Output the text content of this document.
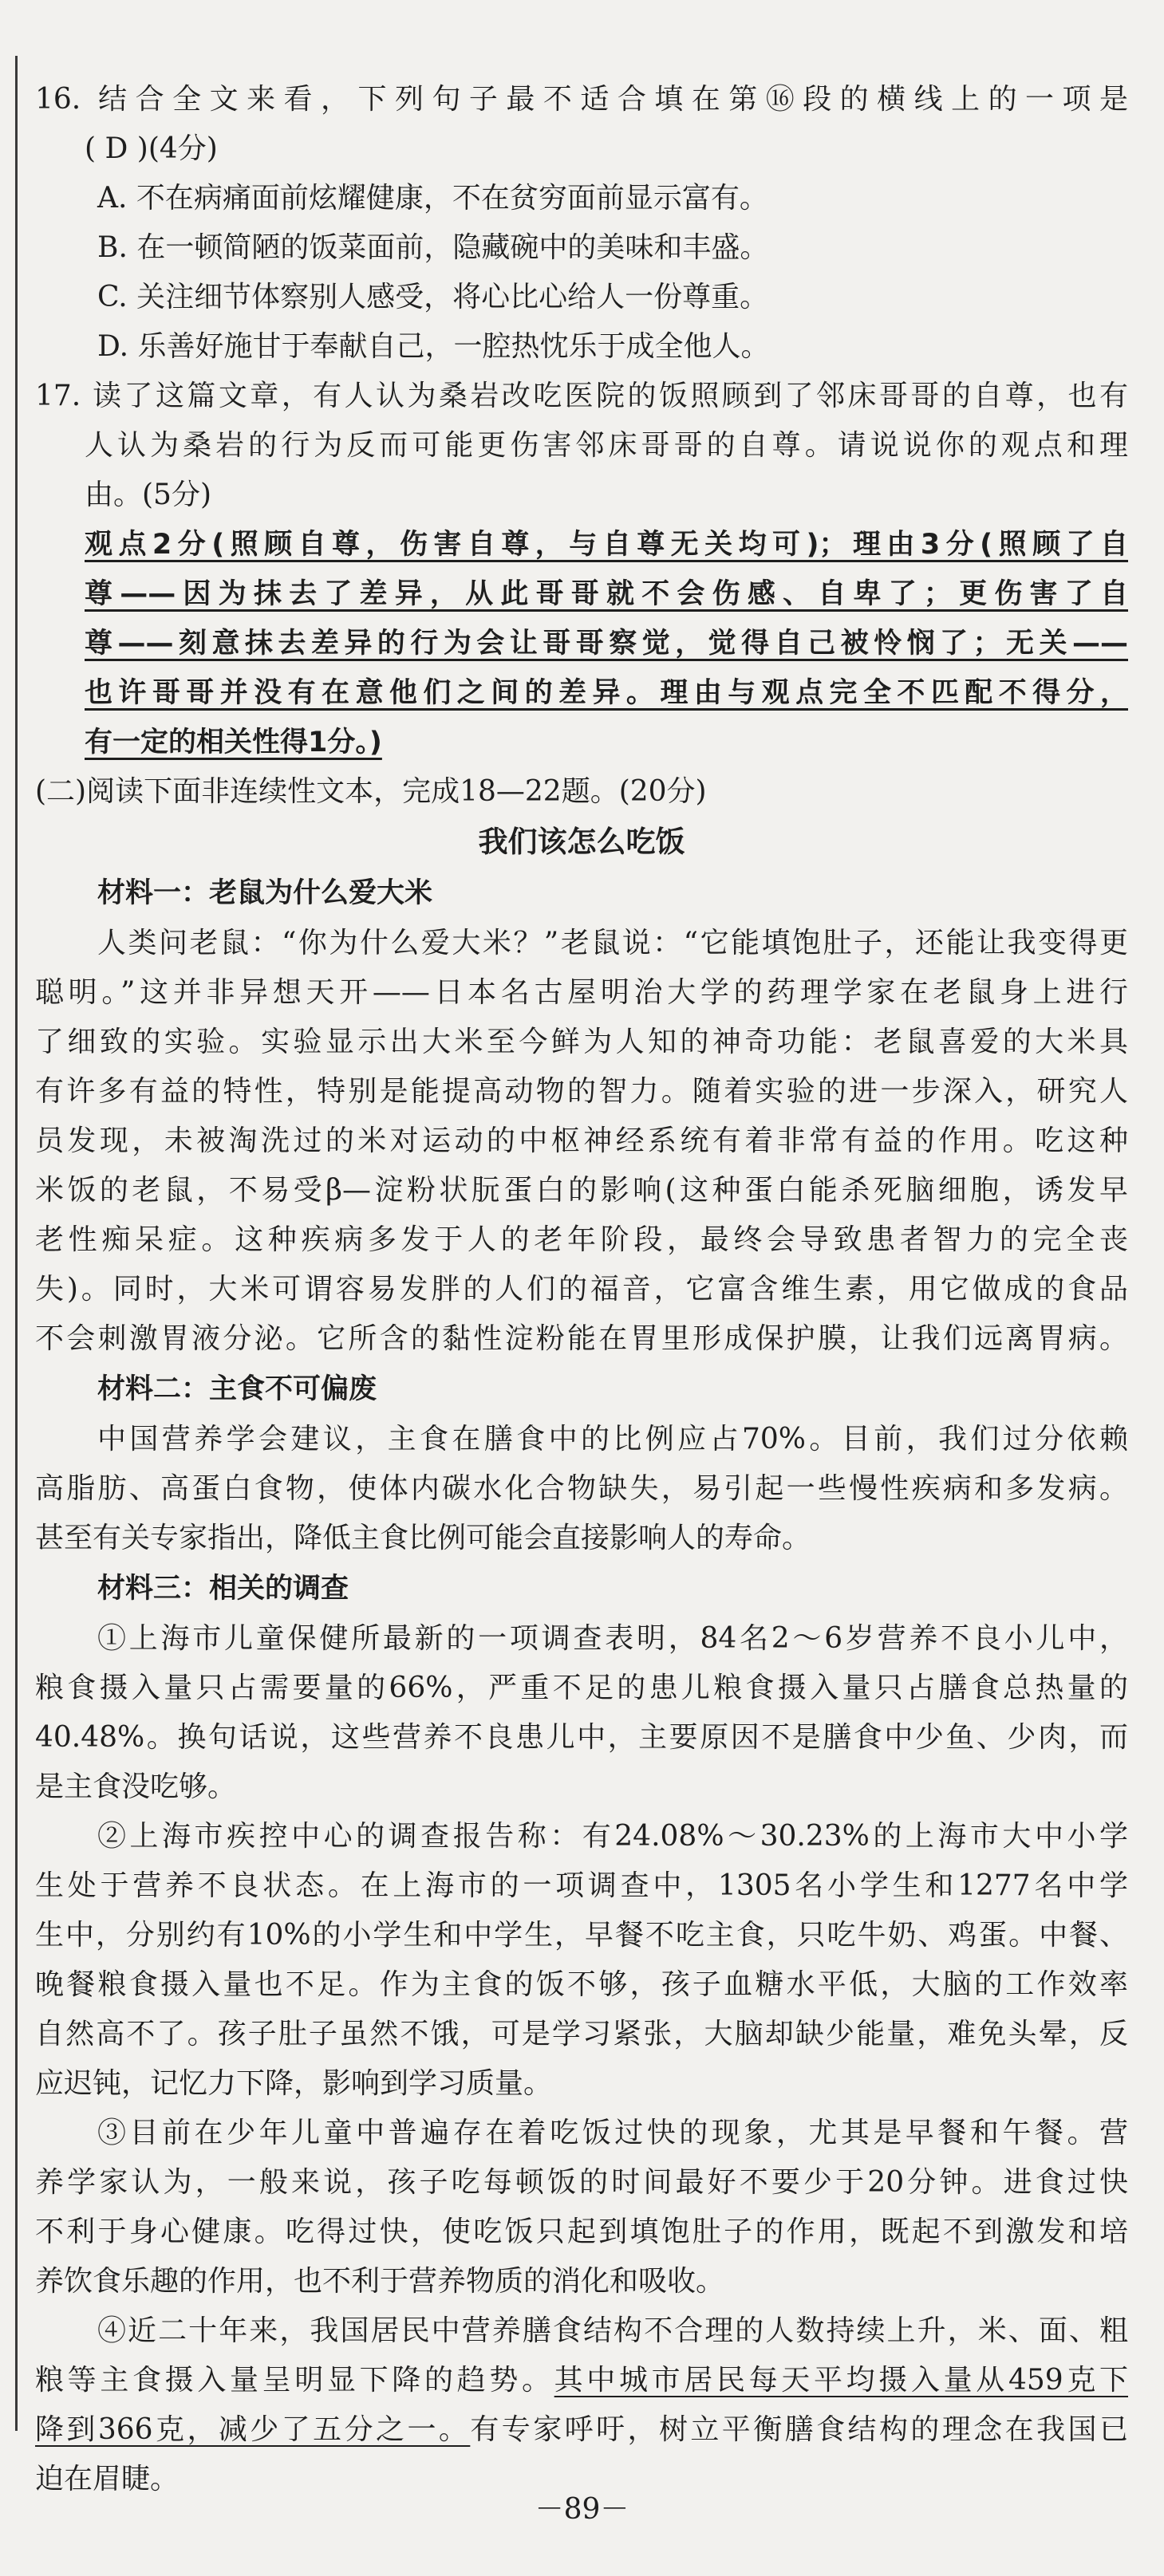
16. 结合全文来看，下列句子最不适合填在第⑯段的横线上的一项是
( D )(4分)
A. 不在病痛面前炫耀健康，不在贫穷面前显示富有。
B. 在一顿简陋的饭菜面前，隐藏碗中的美味和丰盛。
C. 关注细节体察别人感受，将心比心给人一份尊重。
D. 乐善好施甘于奉献自己，一腔热忱乐于成全他人。
17. 读了这篇文章，有人认为桑岩改吃医院的饭照顾到了邻床哥哥的自尊，也有
人认为桑岩的行为反而可能更伤害邻床哥哥的自尊。请说说你的观点和理
由。(5分)
观点2分(照顾自尊，伤害自尊，与自尊无关均可)；理由3分(照顾了自
尊——因为抹去了差异，从此哥哥就不会伤感、自卑了；更伤害了自
尊——刻意抹去差异的行为会让哥哥察觉，觉得自己被怜悯了；无关——
也许哥哥并没有在意他们之间的差异。理由与观点完全不匹配不得分，
有一定的相关性得1分。)
(二)阅读下面非连续性文本，完成18—22题。(20分)
我们该怎么吃饭
材料一：老鼠为什么爱大米
人类问老鼠：“你为什么爱大米？”老鼠说：“它能填饱肚子，还能让我变得更
聪明。”这并非异想天开——日本名古屋明治大学的药理学家在老鼠身上进行
了细致的实验。实验显示出大米至今鲜为人知的神奇功能：老鼠喜爱的大米具
有许多有益的特性，特别是能提高动物的智力。随着实验的进一步深入，研究人
员发现，未被淘洗过的米对运动的中枢神经系统有着非常有益的作用。吃这种
米饭的老鼠，不易受β—淀粉状朊蛋白的影响(这种蛋白能杀死脑细胞，诱发早
老性痴呆症。这种疾病多发于人的老年阶段，最终会导致患者智力的完全丧
失)。同时，大米可谓容易发胖的人们的福音，它富含维生素，用它做成的食品
不会刺激胃液分泌。它所含的黏性淀粉能在胃里形成保护膜，让我们远离胃病。
材料二：主食不可偏废
中国营养学会建议，主食在膳食中的比例应占70%。目前，我们过分依赖
高脂肪、高蛋白食物，使体内碳水化合物缺失，易引起一些慢性疾病和多发病。
甚至有关专家指出，降低主食比例可能会直接影响人的寿命。
材料三：相关的调查
①上海市儿童保健所最新的一项调查表明，84名2～6岁营养不良小儿中，
粮食摄入量只占需要量的66%，严重不足的患儿粮食摄入量只占膳食总热量的
40.48%。换句话说，这些营养不良患儿中，主要原因不是膳食中少鱼、少肉，而
是主食没吃够。
②上海市疾控中心的调查报告称：有24.08%～30.23%的上海市大中小学
生处于营养不良状态。在上海市的一项调查中，1305名小学生和1277名中学
生中，分别约有10%的小学生和中学生，早餐不吃主食，只吃牛奶、鸡蛋。中餐、
晚餐粮食摄入量也不足。作为主食的饭不够，孩子血糖水平低，大脑的工作效率
自然高不了。孩子肚子虽然不饿，可是学习紧张，大脑却缺少能量，难免头晕，反
应迟钝，记忆力下降，影响到学习质量。
③目前在少年儿童中普遍存在着吃饭过快的现象，尤其是早餐和午餐。营
养学家认为，一般来说，孩子吃每顿饭的时间最好不要少于20分钟。进食过快
不利于身心健康。吃得过快，使吃饭只起到填饱肚子的作用，既起不到激发和培
养饮食乐趣的作用，也不利于营养物质的消化和吸收。
④近二十年来，我国居民中营养膳食结构不合理的人数持续上升，米、面、粗
粮等主食摄入量呈明显下降的趋势。其中城市居民每天平均摄入量从459克下
降到366克，减少了五分之一。有专家呼吁，树立平衡膳食结构的理念在我国已
迫在眉睫。
－89－
